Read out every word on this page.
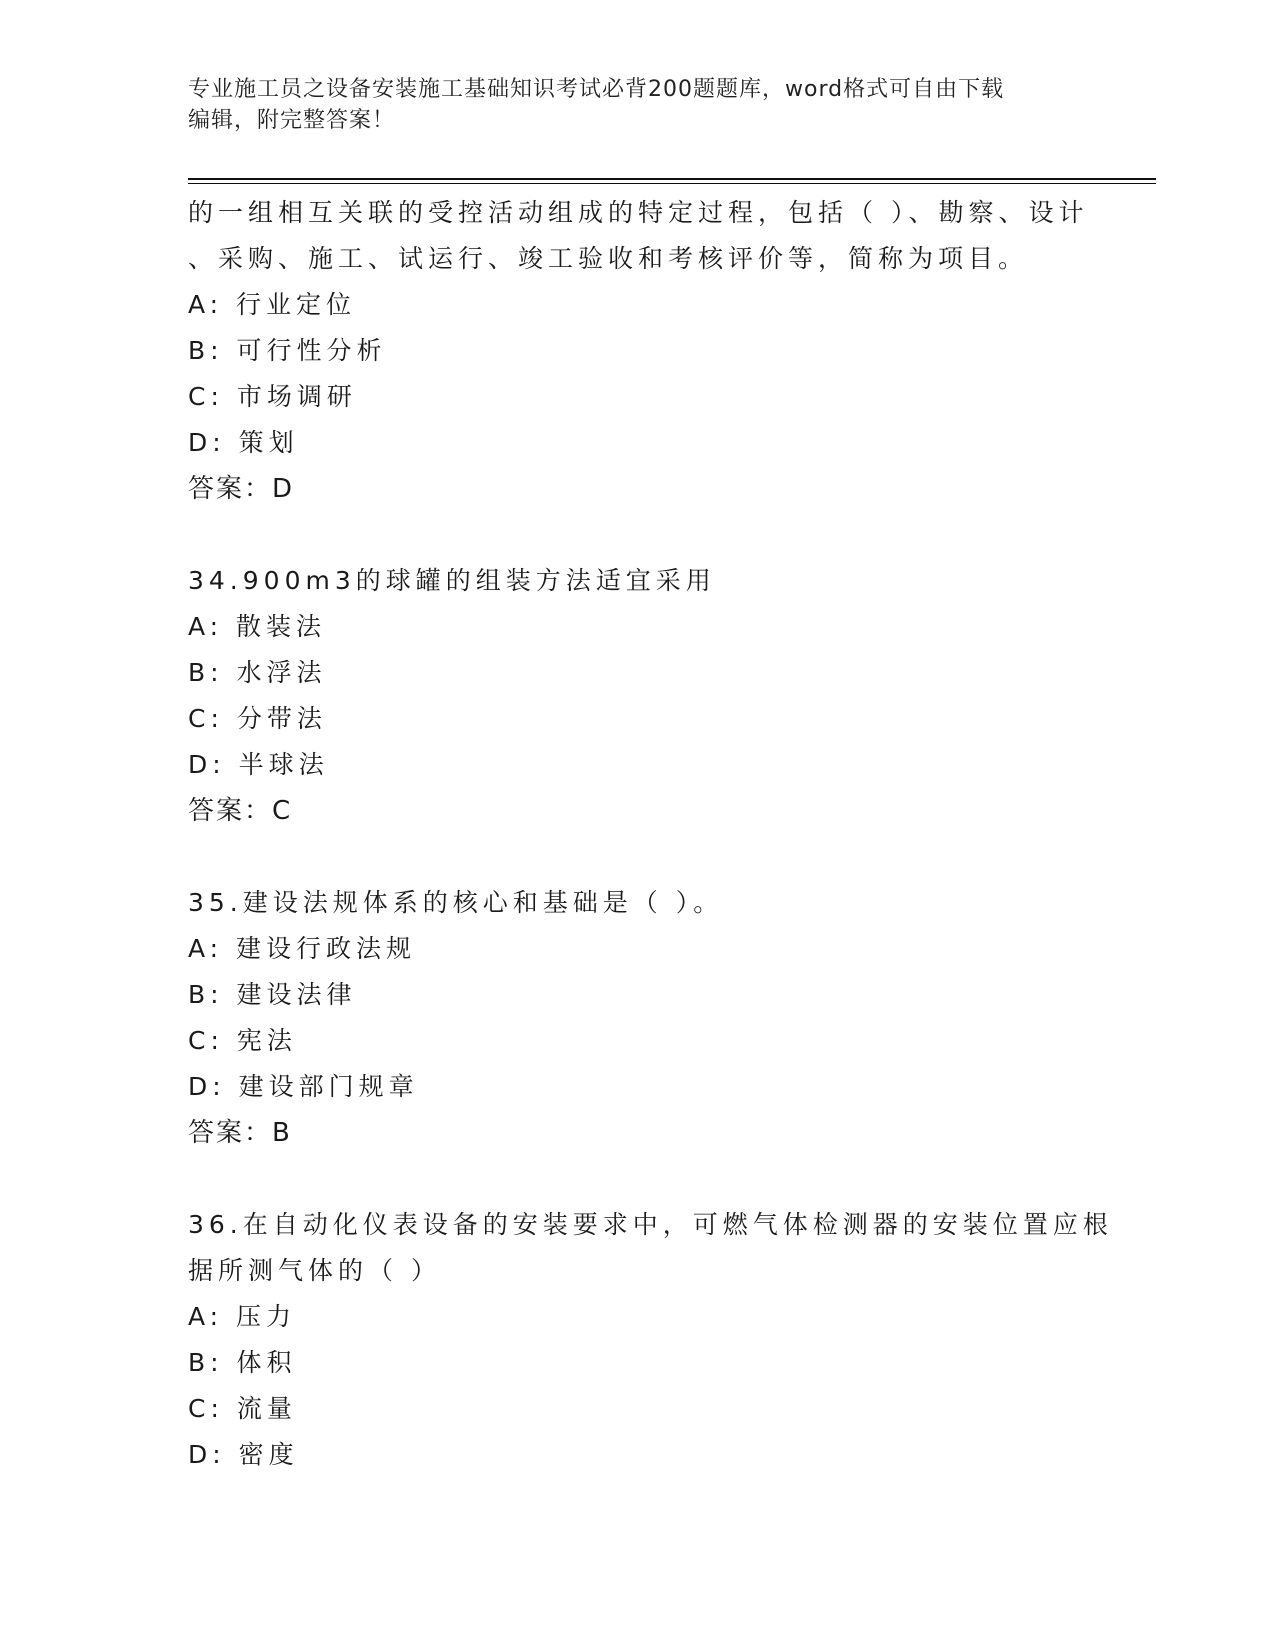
专业施工员之设备安装施工基础知识考试必背200题题库，word格式可自由下载
编辑，附完整答案！
的一组相互关联的受控活动组成的特定过程，包括（ ）、勘察、设计
、采购、施工、试运行、竣工验收和考核评价等，简称为项目。
A: 行业定位
B: 可行性分析
C: 市场调研
D: 策划
答案：D
34.900m3的球罐的组装方法适宜采用
A: 散装法
B: 水浮法
C: 分带法
D: 半球法
答案：C
35.建设法规体系的核心和基础是（ ）。
A: 建设行政法规
B: 建设法律
C: 宪法
D: 建设部门规章
答案：B
36.在自动化仪表设备的安装要求中，可燃气体检测器的安装位置应根
据所测气体的（ ）
A: 压力
B: 体积
C: 流量
D: 密度
